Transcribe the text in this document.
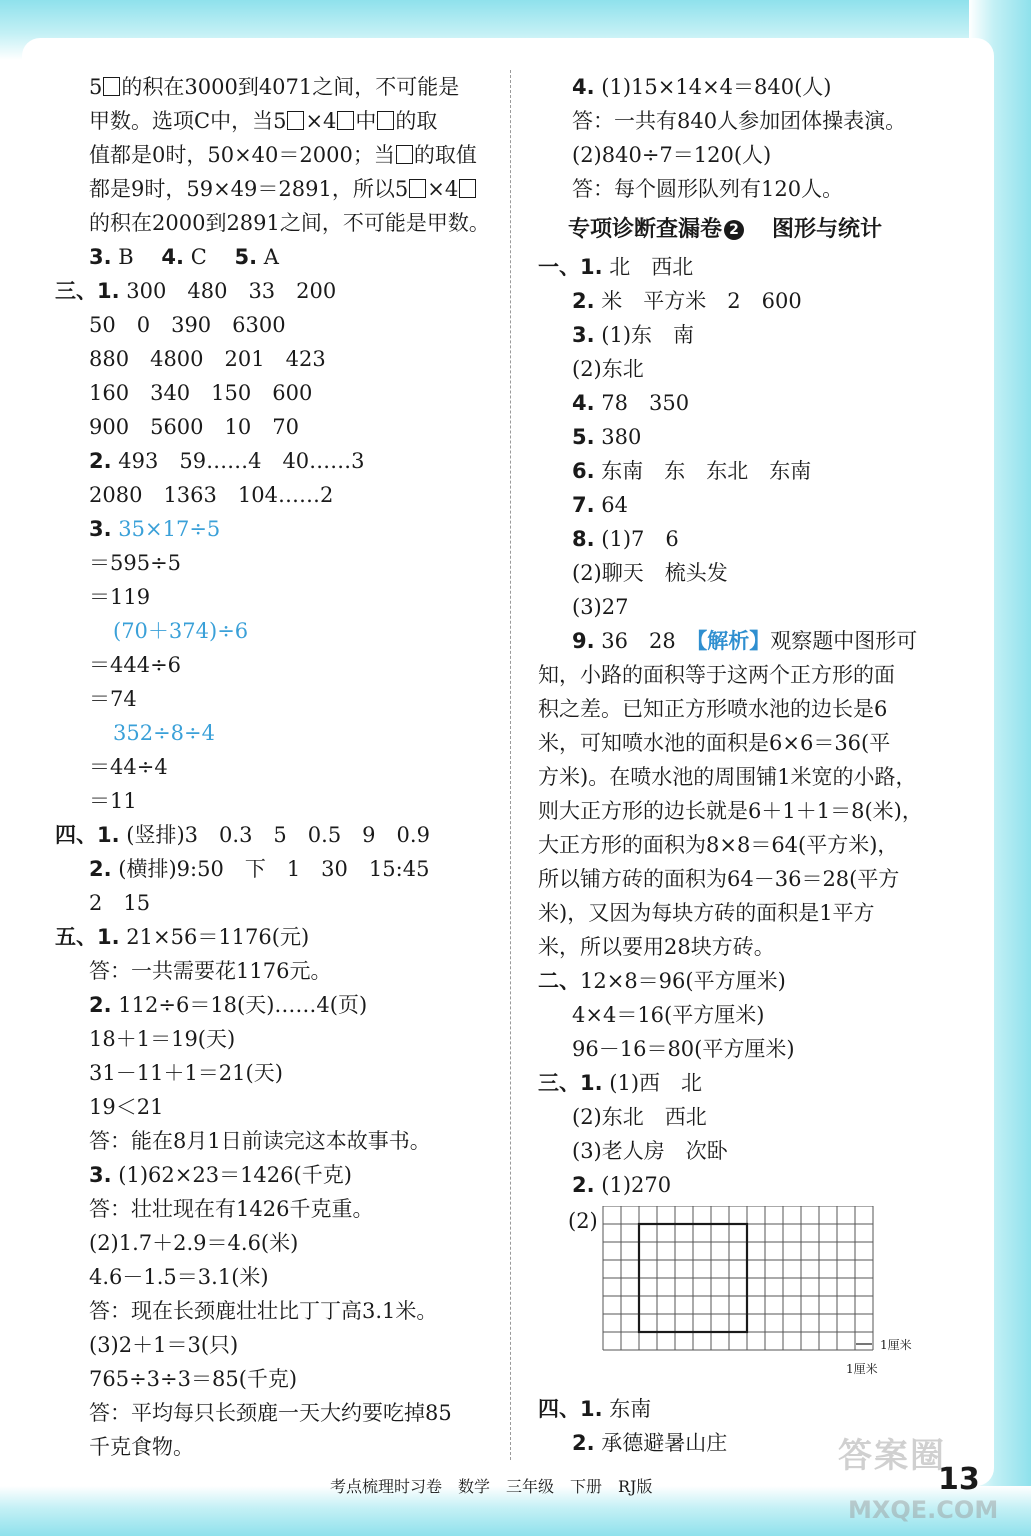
5 的积在3000到4071之间，不可能是
甲数。选项C中，当5 ×4 中 的取
值都是0时，50×40＝2000；当 的取值
都是9时，59×49＝2891，所以5 ×4
的积在2000到2891之间，不可能是甲数。
3. B　 4. C　 5. A
三、1. 300　480　33　200
50　0　390　6300
880　4800　201　423
160　340　150　600
900　5600　10　70
2. 493　59……4　40……3
2080　1363　104……2
3. 35×17÷5
＝595÷5
＝119
(70＋374)÷6
＝444÷6
＝74
352÷8÷4
＝44÷4
＝11
四、1. (竖排)3　0.3　5　0.5　9　0.9
2. (横排)9:50　下　1　30　15:45
2　15
五、1. 21×56＝1176(元)
答：一共需要花1176元。
2. 112÷6＝18(天)……4(页)
18＋1＝19(天)
31－11＋1＝21(天)
19＜21
答：能在8月1日前读完这本故事书。
3. (1)62×23＝1426(千克)
答：壮壮现在有1426千克重。
(2)1.7＋2.9＝4.6(米)
4.6－1.5＝3.1(米)
答：现在长颈鹿壮壮比丁丁高3.1米。
(3)2＋1＝3(只)
765÷3÷3＝85(千克)
答：平均每只长颈鹿一天大约要吃掉85
千克食物。
4. (1)15×14×4＝840(人)
答：一共有840人参加团体操表演。
(2)840÷7＝120(人)
答：每个圆形队列有120人。
专项诊断查漏卷 2　 图形与统计
一、1. 北　西北
2. 米　平方米　2　600
3. (1)东　南
(2)东北
4. 78　350
5. 380
6. 东南　东　东北　东南
7. 64
8. (1)7　6
(2)聊天　梳头发
(3)27
9. 36　28　 【解析】观察题中图形可
知，小路的面积等于这两个正方形的面
积之差。已知正方形喷水池的边长是6
米，可知喷水池的面积是6×6＝36(平
方米)。在喷水池的周围铺1米宽的小路，
则大正方形的边长就是6＋1＋1＝8(米)，
大正方形的面积为8×8＝64(平方米)，
所以铺方砖的面积为64－36＝28(平方
米)，又因为每块方砖的面积是1平方
米，所以要用28块方砖。
二、12×8＝96(平方厘米)
4×4＝16(平方厘米)
96－16＝80(平方厘米)
三、1. (1)西　北
(2)东北　西北
(3)老人房　次卧
2. (1)270
(2)
1厘米
1厘米
四、1. 东南
2. 承德避暑山庄
考点梳理时习卷　数学　三年级　下册　RJ版
答案圈
MXQE.COM
13
